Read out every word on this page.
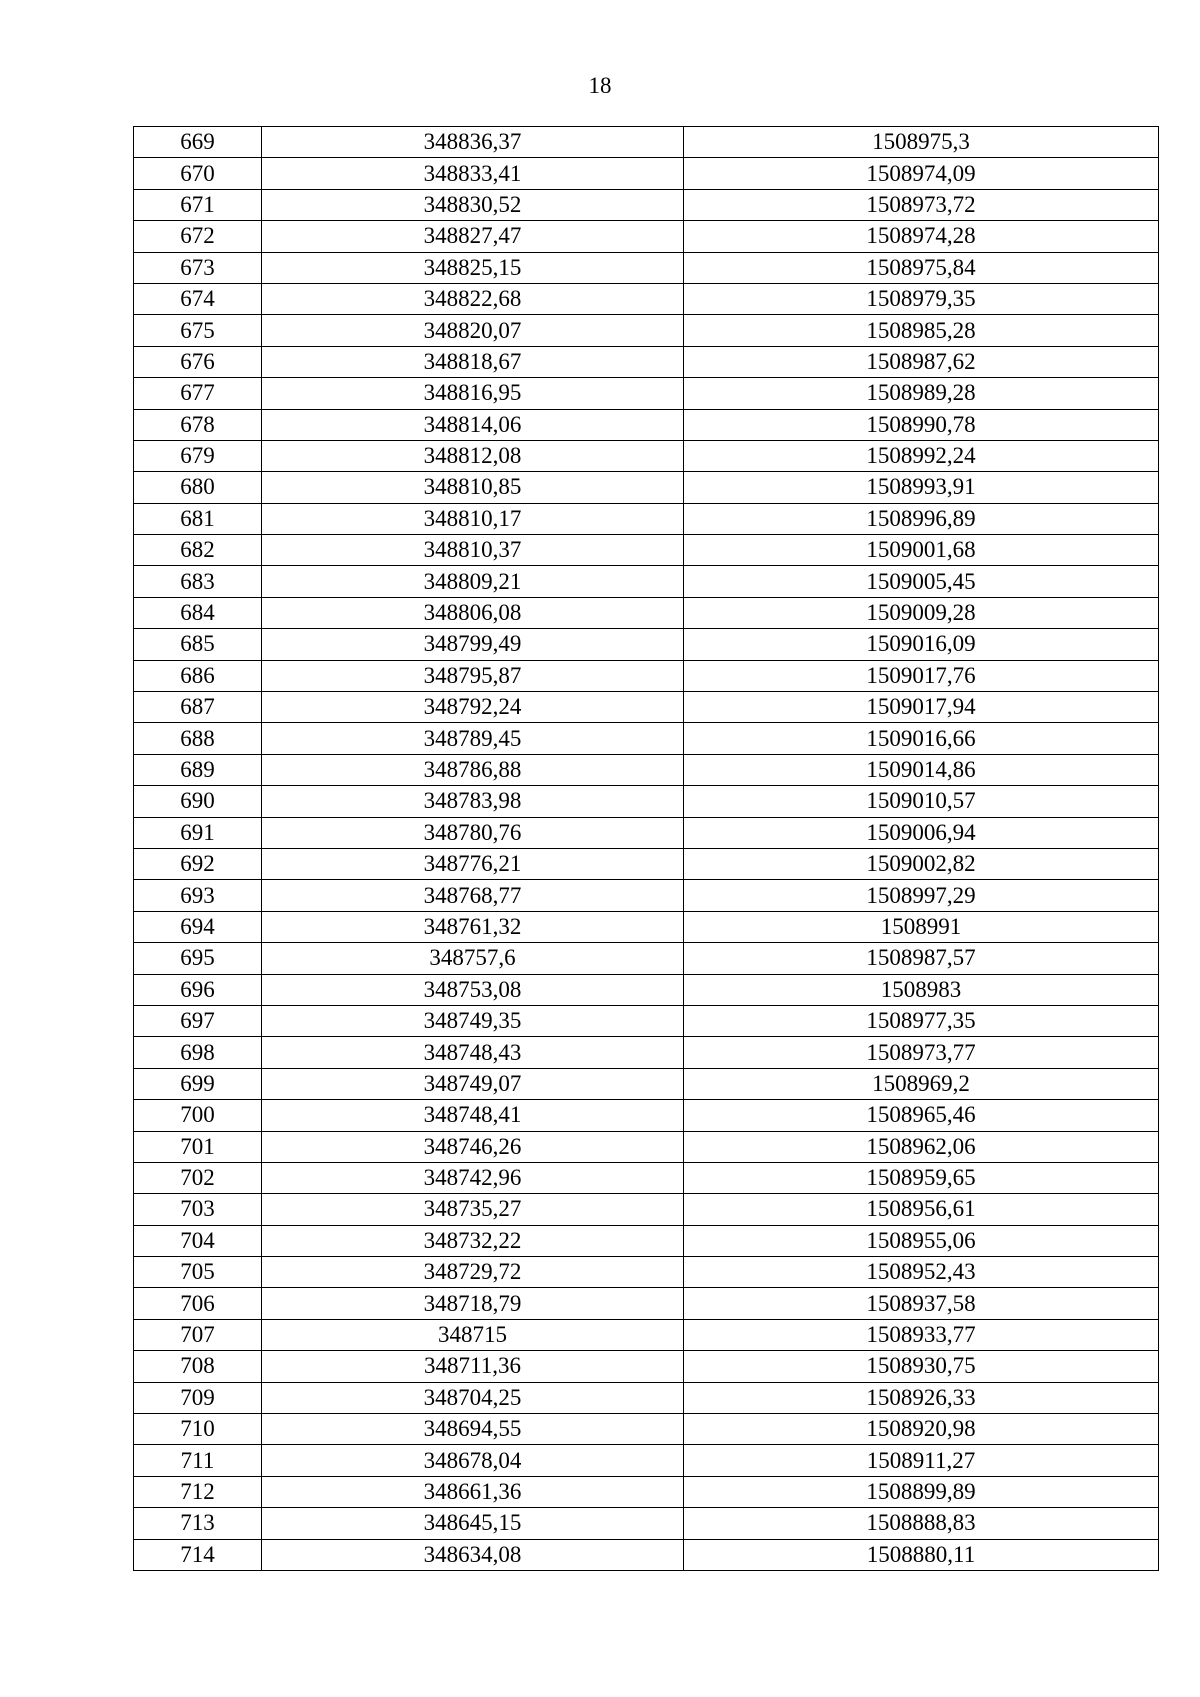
18
669	348836,37	1508975,3
670	348833,41	1508974,09
671	348830,52	1508973,72
672	348827,47	1508974,28
673	348825,15	1508975,84
674	348822,68	1508979,35
675	348820,07	1508985,28
676	348818,67	1508987,62
677	348816,95	1508989,28
678	348814,06	1508990,78
679	348812,08	1508992,24
680	348810,85	1508993,91
681	348810,17	1508996,89
682	348810,37	1509001,68
683	348809,21	1509005,45
684	348806,08	1509009,28
685	348799,49	1509016,09
686	348795,87	1509017,76
687	348792,24	1509017,94
688	348789,45	1509016,66
689	348786,88	1509014,86
690	348783,98	1509010,57
691	348780,76	1509006,94
692	348776,21	1509002,82
693	348768,77	1508997,29
694	348761,32	1508991
695	348757,6	1508987,57
696	348753,08	1508983
697	348749,35	1508977,35
698	348748,43	1508973,77
699	348749,07	1508969,2
700	348748,41	1508965,46
701	348746,26	1508962,06
702	348742,96	1508959,65
703	348735,27	1508956,61
704	348732,22	1508955,06
705	348729,72	1508952,43
706	348718,79	1508937,58
707	348715	1508933,77
708	348711,36	1508930,75
709	348704,25	1508926,33
710	348694,55	1508920,98
711	348678,04	1508911,27
712	348661,36	1508899,89
713	348645,15	1508888,83
714	348634,08	1508880,11
